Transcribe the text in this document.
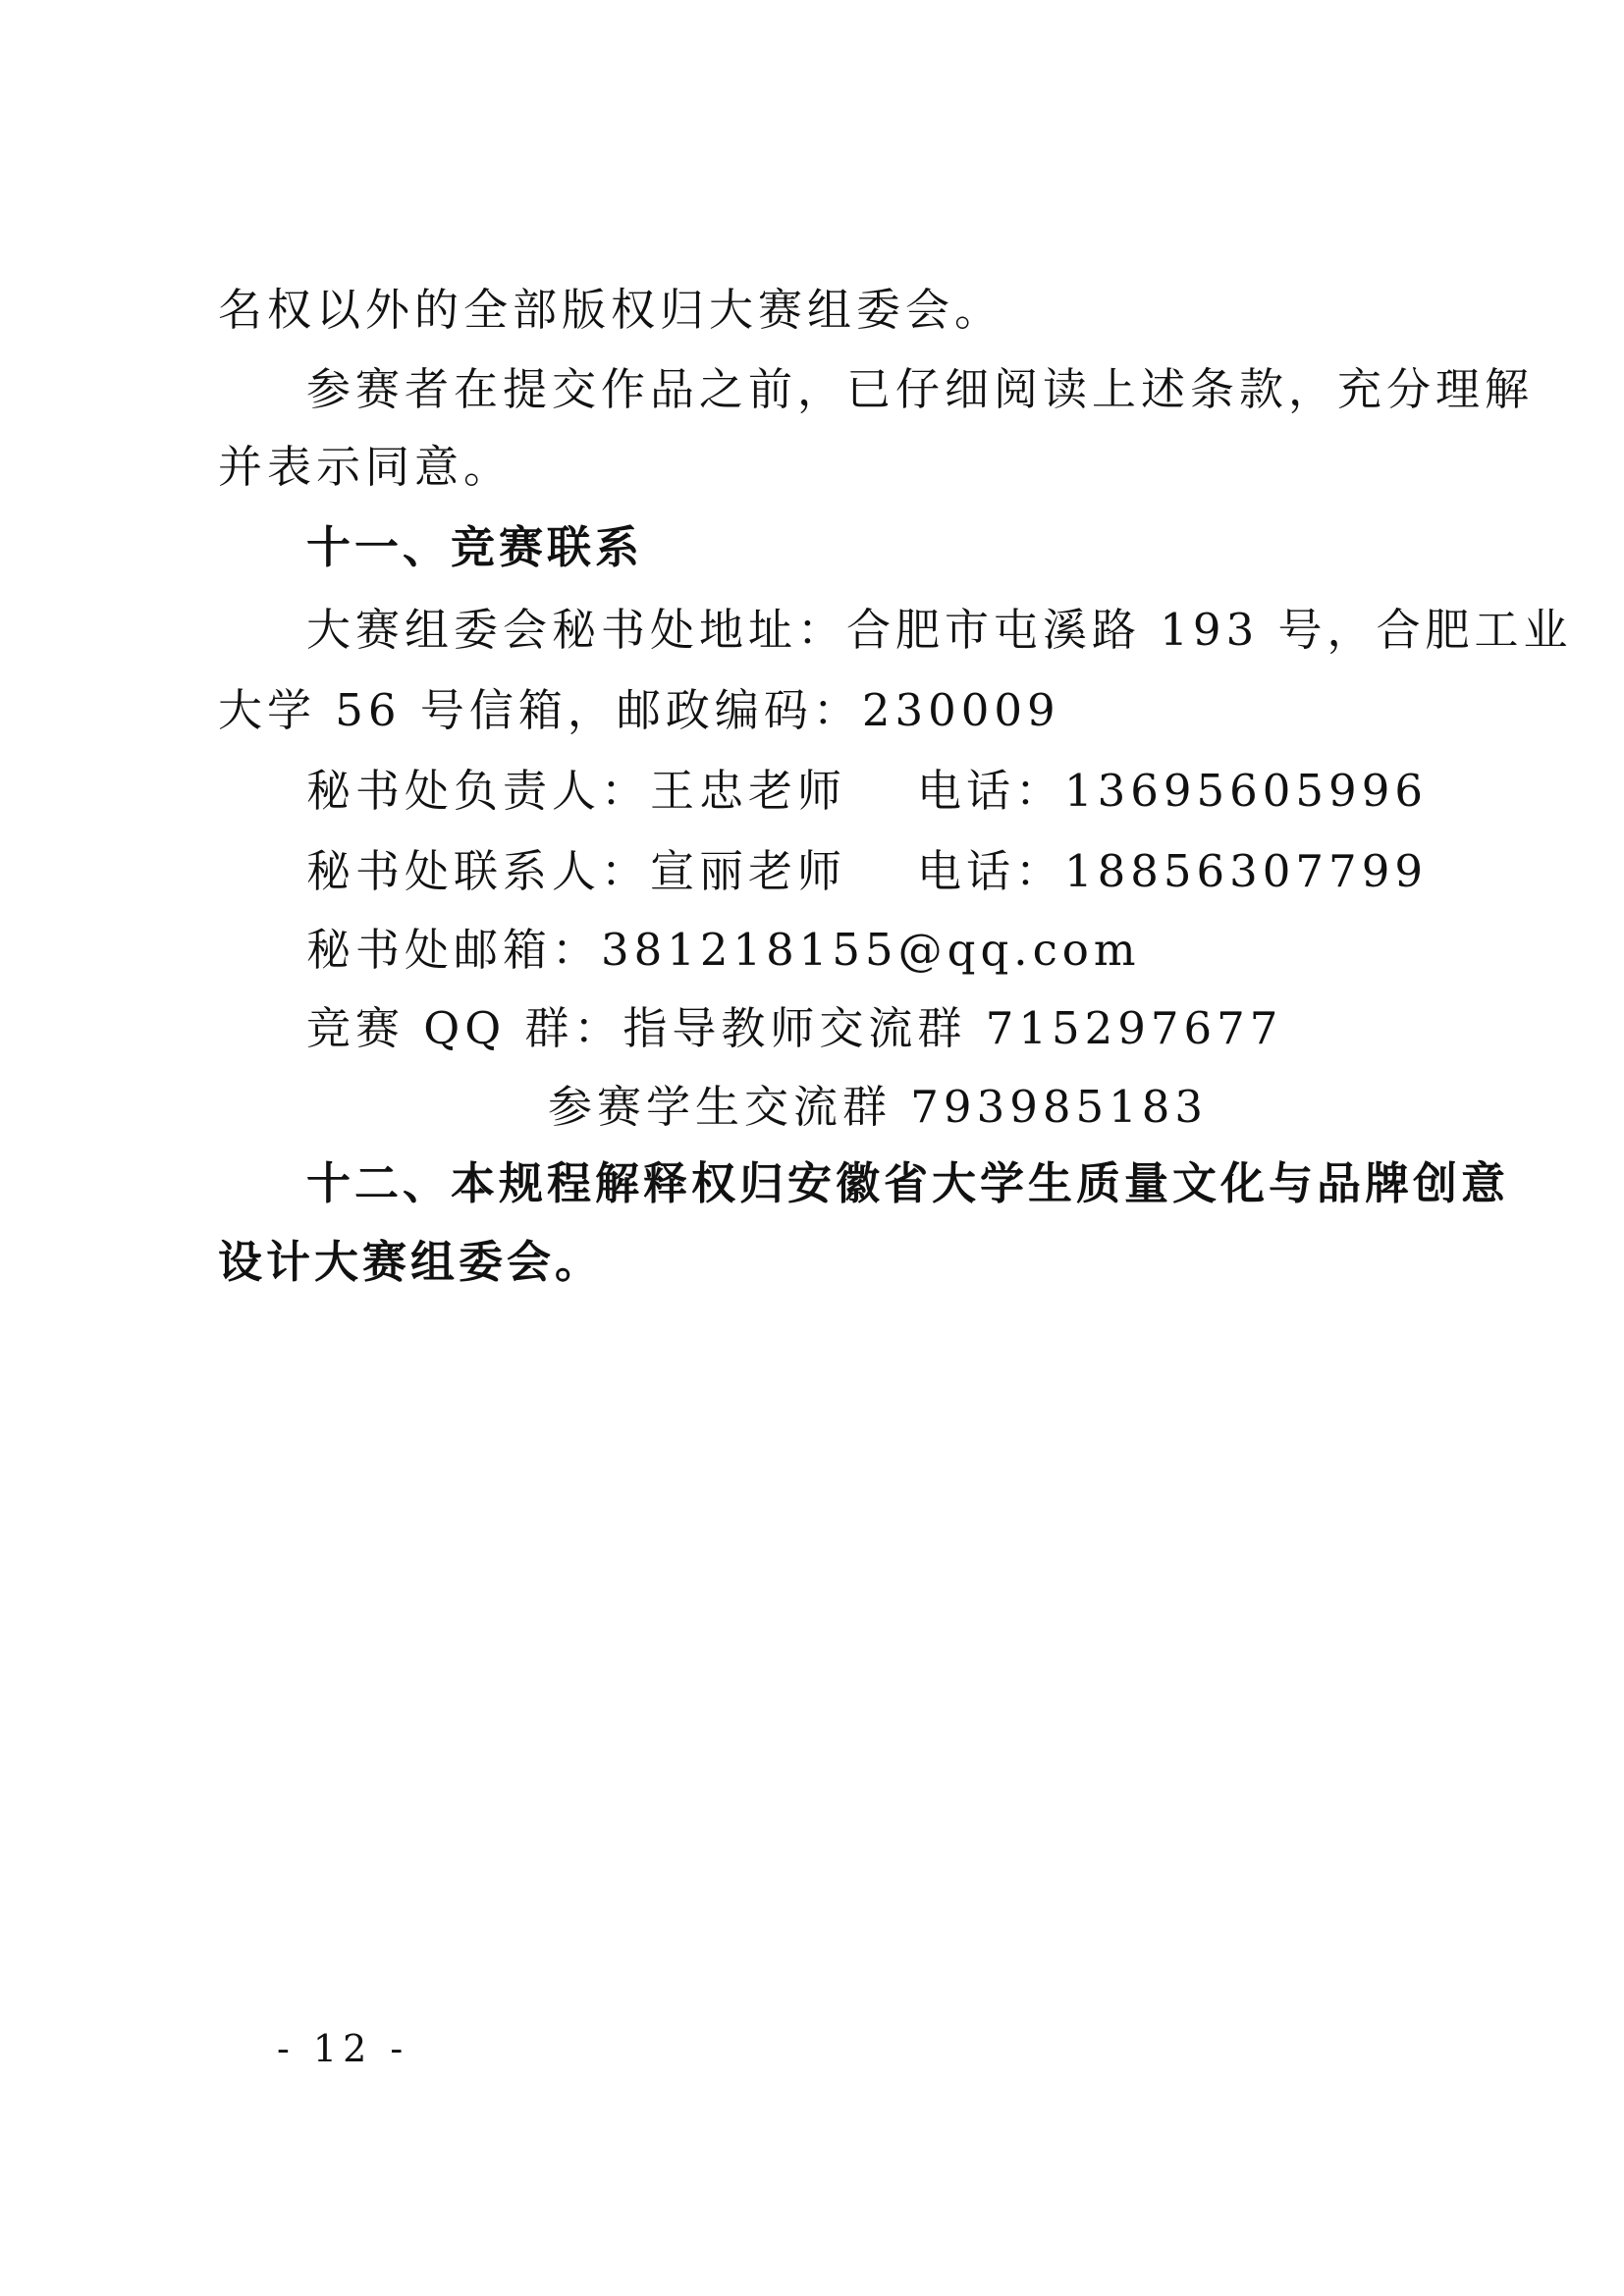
名权以外的全部版权归大赛组委会。
参赛者在提交作品之前，已仔细阅读上述条款，充分理解
并表示同意。
十一、竞赛联系
大赛组委会秘书处地址：合肥市屯溪路 193 号，合肥工业
大学 56 号信箱，邮政编码：230009
秘书处负责人：王忠老师 电话：13695605996
秘书处联系人：宣丽老师 电话：18856307799
秘书处邮箱：381218155@qq.com
竞赛 QQ 群：指导教师交流群 715297677
参赛学生交流群 793985183
十二、本规程解释权归安徽省大学生质量文化与品牌创意
设计大赛组委会。
- 12 -
